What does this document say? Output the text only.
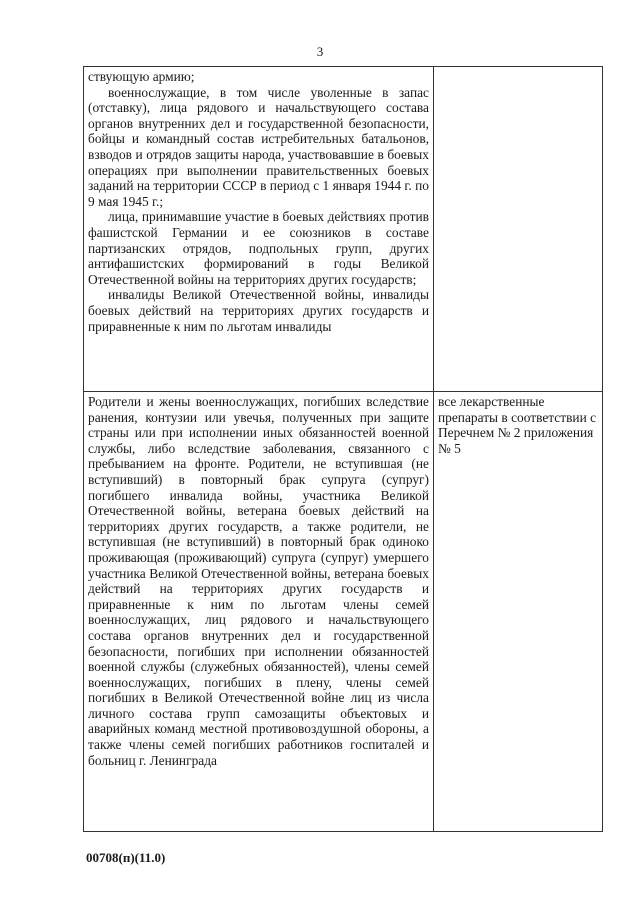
3

ствующую армию;

военнослужащие, в том числе уволенные в запас (отставку), лица рядового и начальствующего состава органов внутренних дел и государственной безопасности, бойцы и командный состав истребительных батальонов, взводов и отрядов защиты народа, участвовавшие в боевых операциях при выполнении правительственных боевых заданий на территории СССР в период с 1 января 1944 г. по 9 мая 1945 г.;

лица, принимавшие участие в боевых действиях против фашистской Германии и ее союзников в составе партизанских отрядов, подпольных групп, других антифашистских формирований в годы Великой Отечественной войны на территориях других государств;

инвалиды Великой Отечественной войны, инвалиды боевых действий на территориях других государств и приравненные к ним по льготам инвалиды	

Родители и жены военнослужащих, погибших вследствие ранения, контузии или увечья, полученных при защите страны или при исполнении иных обязанностей военной службы, либо вследствие заболевания, связанного с пребыванием на фронте. Родители, не вступившая (не вступивший) в повторный брак супруга (супруг) погибшего инвалида войны, участника Великой Отечественной войны, ветерана боевых действий на территориях других государств, а также родители, не вступившая (не вступивший) в повторный брак одиноко проживающая (проживающий) супруга (супруг) умершего участника Великой Отечественной войны, ветерана боевых действий на территориях других государств и приравненные к ним по льготам члены семей военнослужащих, лиц рядового и начальствующего состава органов внутренних дел и государственной безопасности, погибших при исполнении обязанностей военной службы (служебных обязанностей), члены семей военнослужащих, погибших в плену, члены семей погибших в Великой Отечественной войне лиц из числа личного состава групп самозащиты объектовых и аварийных команд местной противовоздушной обороны, а также члены семей погибших работников госпиталей и больниц г. Ленинграда	все лекарственные препараты в соответствии с Перечнем № 2 приложения № 5

00708(п)(11.0)
